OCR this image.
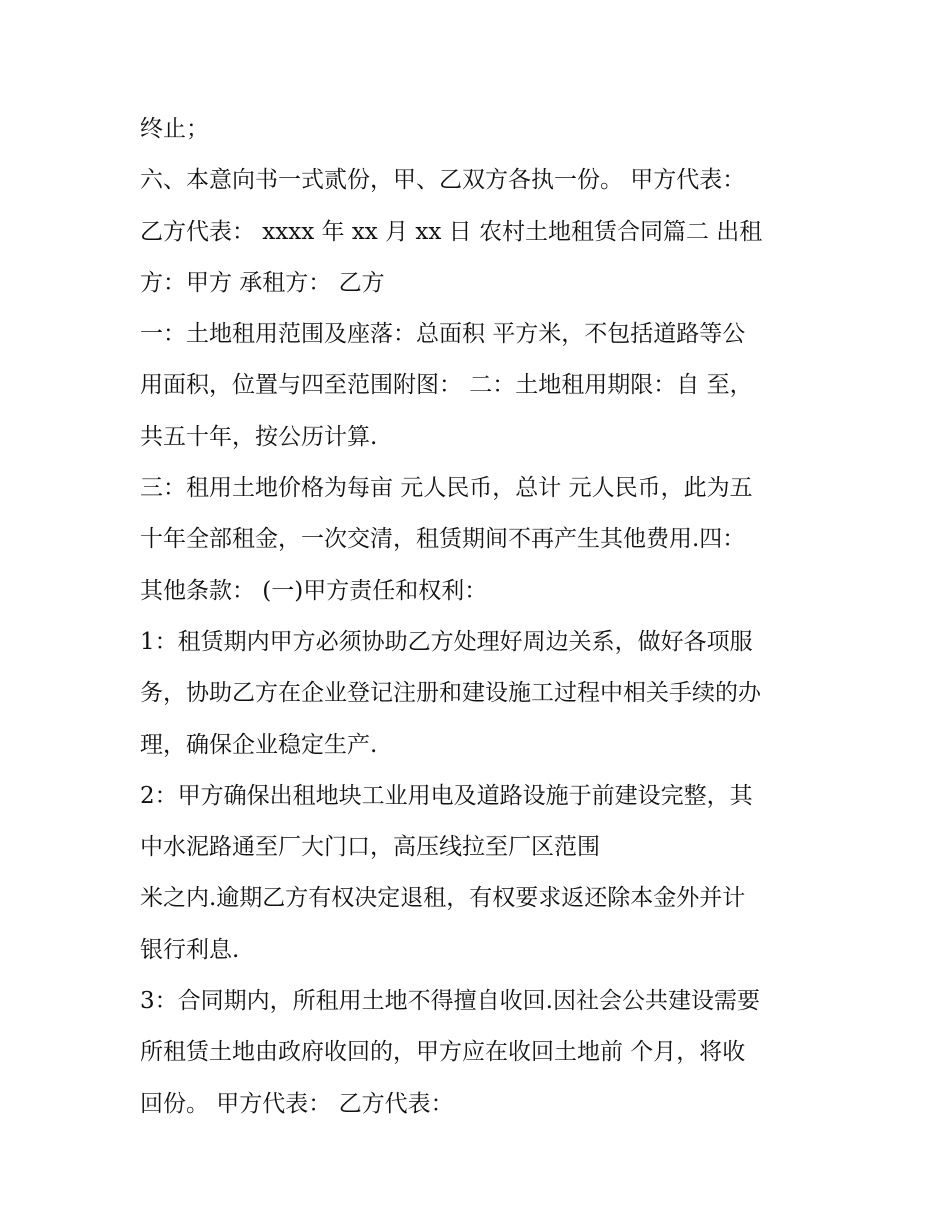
终止；
六、本意向书一式贰份，甲、乙双方各执一份。 甲方代表：
乙方代表： xxxx 年 xx 月 xx 日 农村土地租赁合同篇二 出租
方：甲方 承租方： 乙方
一：土地租用范围及座落：总面积 平方米，不包括道路等公
用面积，位置与四至范围附图： 二：土地租用期限：自 至，
共五十年，按公历计算.
三：租用土地价格为每亩 元人民币，总计 元人民币，此为五
十年全部租金，一次交清，租赁期间不再产生其他费用.四：
其他条款： (一)甲方责任和权利：
1：租赁期内甲方必须协助乙方处理好周边关系，做好各项服
务，协助乙方在企业登记注册和建设施工过程中相关手续的办
理，确保企业稳定生产.
2：甲方确保出租地块工业用电及道路设施于前建设完整，其
中水泥路通至厂大门口，高压线拉至厂区范围
米之内.逾期乙方有权决定退租，有权要求返还除本金外并计
银行利息.
3：合同期内，所租用土地不得擅自收回.因社会公共建设需要
所租赁土地由政府收回的，甲方应在收回土地前 个月，将收
回份。 甲方代表： 乙方代表：
